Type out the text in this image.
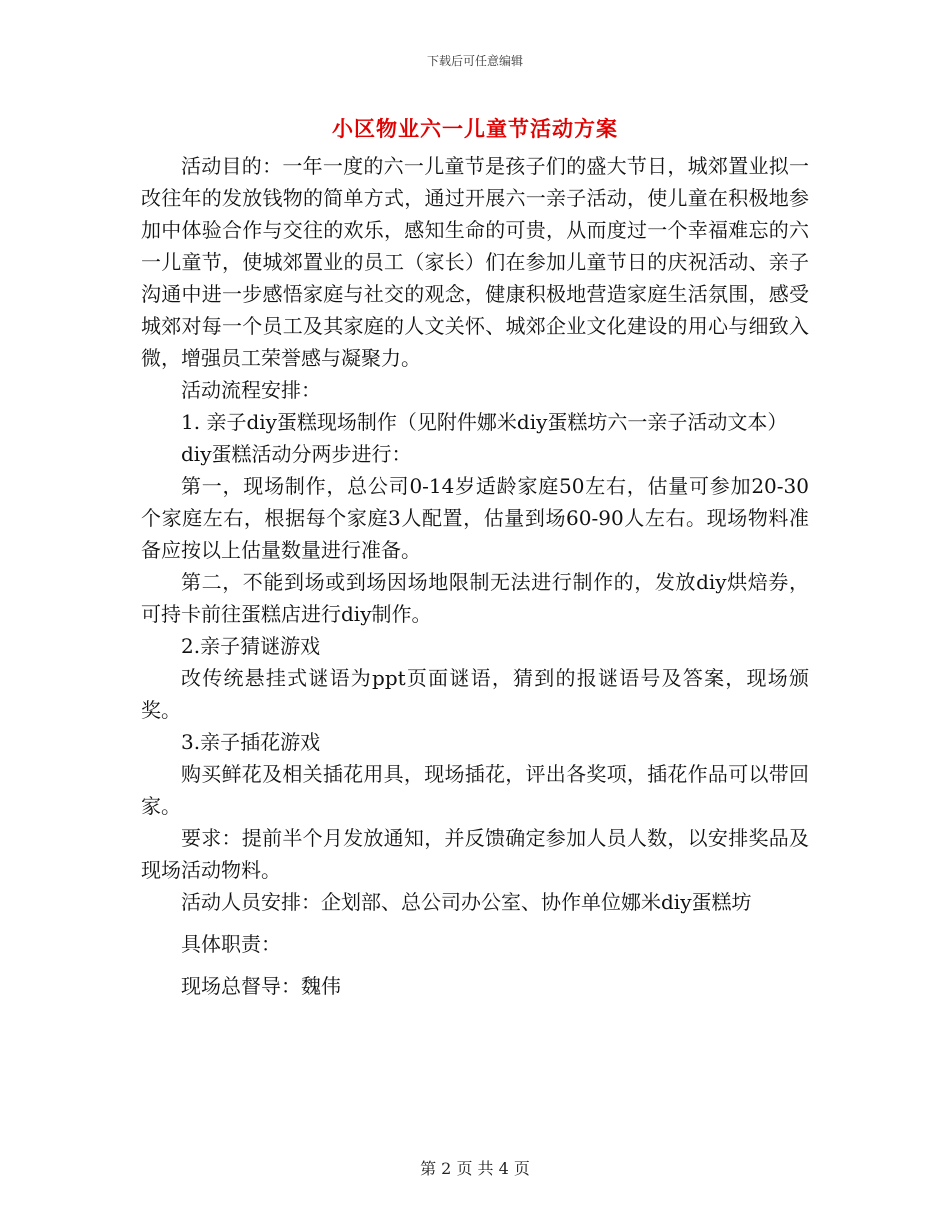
下载后可任意编辑
小区物业六一儿童节活动方案

活动目的：一年一度的六一儿童节是孩子们的盛大节日，城郊置业拟一改往年的发放钱物的简单方式，通过开展六一亲子活动，使儿童在积极地参加中体验合作与交往的欢乐，感知生命的可贵，从而度过一个幸福难忘的六一儿童节，使城郊置业的员工（家长）们在参加儿童节日的庆祝活动、亲子沟通中进一步感悟家庭与社交的观念，健康积极地营造家庭生活氛围，感受城郊对每一个员工及其家庭的人文关怀、城郊企业文化建设的用心与细致入微，增强员工荣誉感与凝聚力。

活动流程安排：

1. 亲子diy蛋糕现场制作（见附件娜米diy蛋糕坊六一亲子活动文本）

diy蛋糕活动分两步进行：

第一，现场制作，总公司0-14岁适龄家庭50左右，估量可参加20-30个家庭左右，根据每个家庭3人配置，估量到场60-90人左右。现场物料准备应按以上估量数量进行准备。

第二，不能到场或到场因场地限制无法进行制作的，发放diy烘焙券，可持卡前往蛋糕店进行diy制作。

2.亲子猜谜游戏

改传统悬挂式谜语为ppt页面谜语，猜到的报谜语号及答案，现场颁奖。

3.亲子插花游戏

购买鲜花及相关插花用具，现场插花，评出各奖项，插花作品可以带回家。

要求：提前半个月发放通知，并反馈确定参加人员人数，以安排奖品及现场活动物料。

活动人员安排：企划部、总公司办公室、协作单位娜米diy蛋糕坊

具体职责：

现场总督导：魏伟

第 2 页 共 4 页
